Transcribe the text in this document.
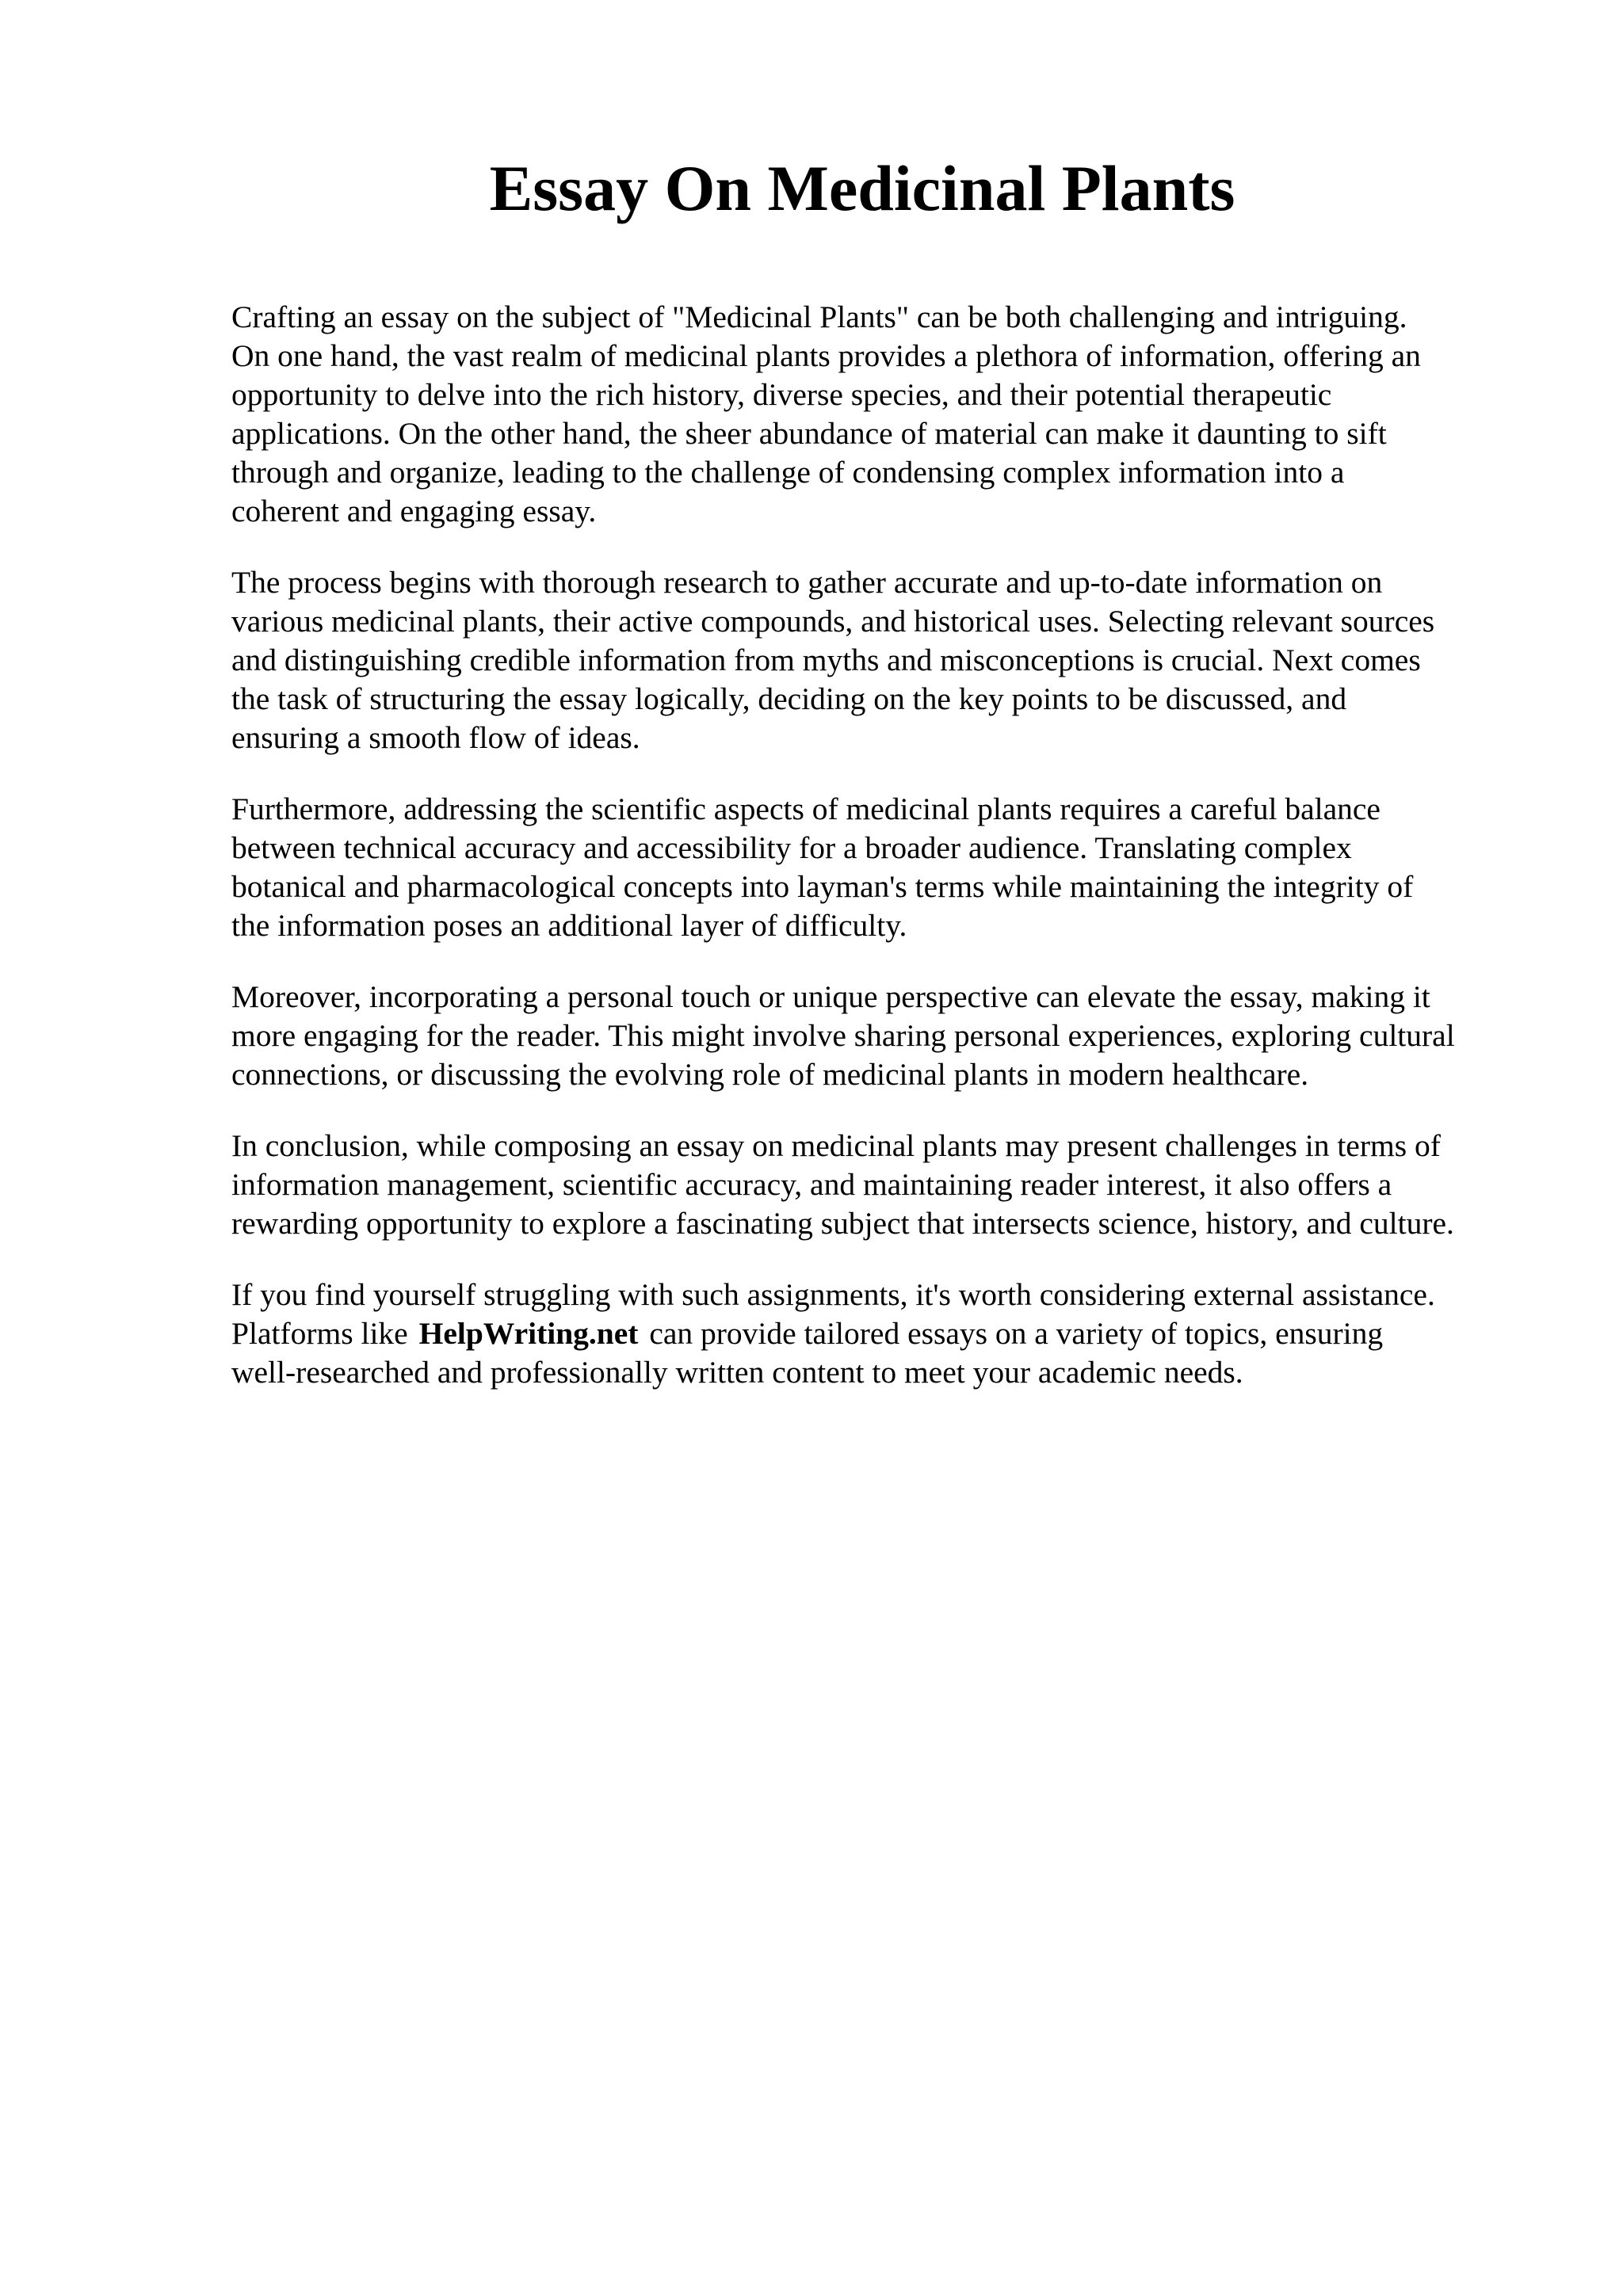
Essay On Medicinal Plants

Crafting an essay on the subject of "Medicinal Plants" can be both challenging and intriguing.
On one hand, the vast realm of medicinal plants provides a plethora of information, offering an
opportunity to delve into the rich history, diverse species, and their potential therapeutic
applications. On the other hand, the sheer abundance of material can make it daunting to sift
through and organize, leading to the challenge of condensing complex information into a
coherent and engaging essay.

The process begins with thorough research to gather accurate and up-to-date information on
various medicinal plants, their active compounds, and historical uses. Selecting relevant sources
and distinguishing credible information from myths and misconceptions is crucial. Next comes
the task of structuring the essay logically, deciding on the key points to be discussed, and
ensuring a smooth flow of ideas.

Furthermore, addressing the scientific aspects of medicinal plants requires a careful balance
between technical accuracy and accessibility for a broader audience. Translating complex
botanical and pharmacological concepts into layman's terms while maintaining the integrity of
the information poses an additional layer of difficulty.

Moreover, incorporating a personal touch or unique perspective can elevate the essay, making it
more engaging for the reader. This might involve sharing personal experiences, exploring cultural
connections, or discussing the evolving role of medicinal plants in modern healthcare.

In conclusion, while composing an essay on medicinal plants may present challenges in terms of
information management, scientific accuracy, and maintaining reader interest, it also offers a
rewarding opportunity to explore a fascinating subject that intersects science, history, and culture.

If you find yourself struggling with such assignments, it's worth considering external assistance.
Platforms like HelpWriting.net can provide tailored essays on a variety of topics, ensuring
well-researched and professionally written content to meet your academic needs.
